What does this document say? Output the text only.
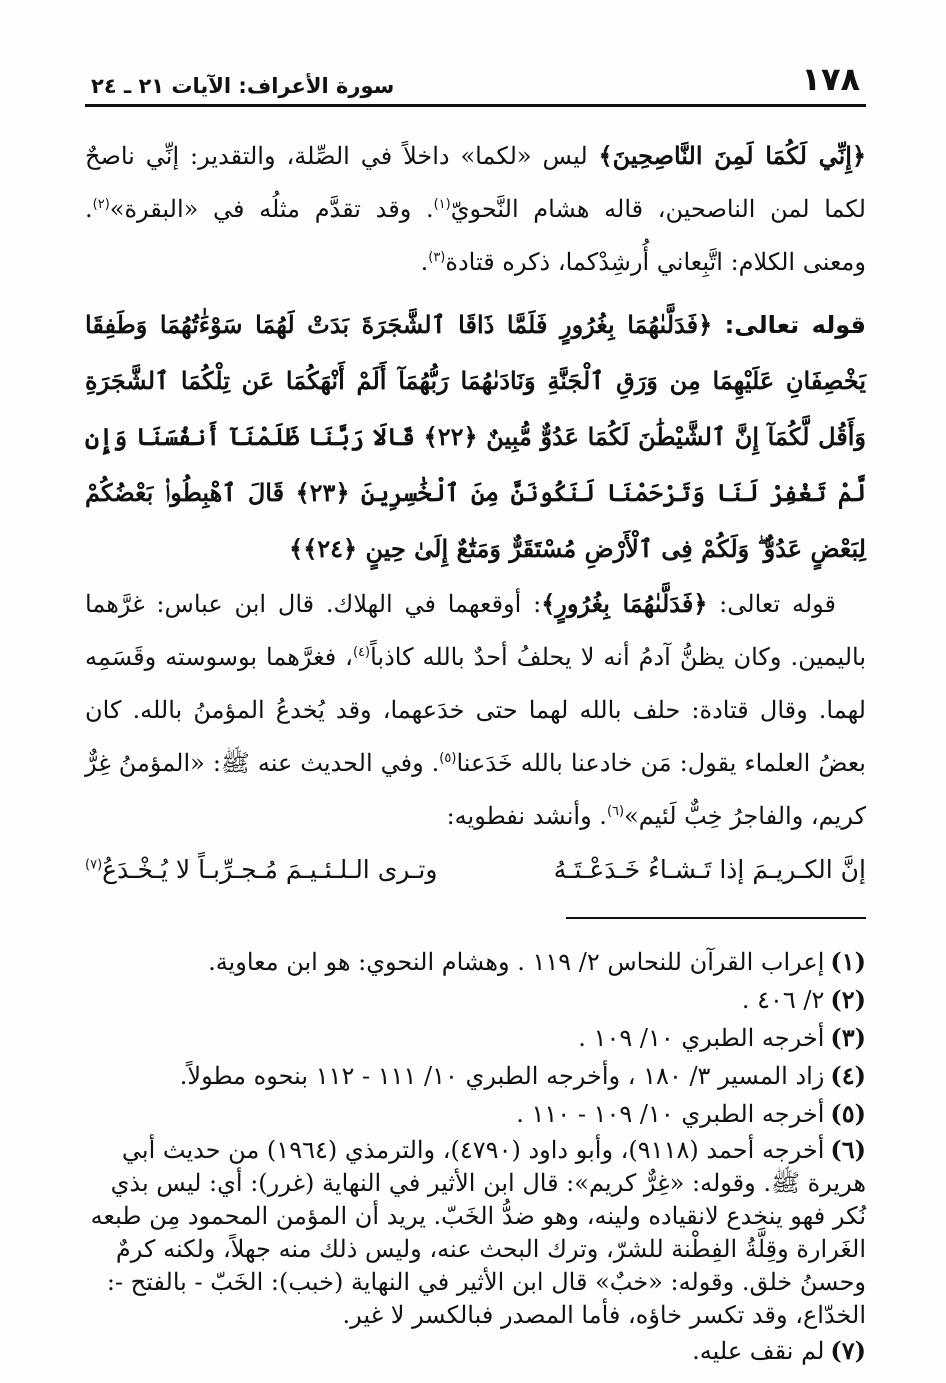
١٧٨
سورة الأعراف: الآيات ٢١ ـ ٢٤

﴿إِنِّي لَكُمَا لَمِنَ النَّاصِحِينَ﴾ ليس «لكما» داخلاً في الصِّلة، والتقدير: إنِّي ناصحٌ لكما لمن الناصحين، قاله هشام النَّحويّ$^{(١)}$. وقد تقدَّم مثلُه في «البقرة»$^{(٢)}$. ومعنى الكلام: اتَّبِعاني أُرشِدْكما، ذكره قتادة$^{(٣)}$.

قوله تعالى: ﴿فَدَلَّىٰهُمَا بِغُرُورٍ فَلَمَّا ذَاقَا ٱلشَّجَرَةَ بَدَتْ لَهُمَا سَوْءَٰتُهُمَا وَطَفِقَا يَخْصِفَانِ عَلَيْهِمَا مِن وَرَقِ ٱلْجَنَّةِ وَنَادَىٰهُمَا رَبُّهُمَآ أَلَمْ أَنْهَكُمَا عَن تِلْكُمَا ٱلشَّجَرَةِ وَأَقُل لَّكُمَآ إِنَّ ٱلشَّيْطَٰنَ لَكُمَا عَدُوٌّ مُّبِينٌ ﴿٢٢﴾ قَالَا رَبَّنَا ظَلَمْنَآ أَنفُسَنَا وَإِن لَّمْ تَغْفِرْ لَنَا وَتَرْحَمْنَا لَنَكُونَنَّ مِنَ ٱلْخَٰسِرِينَ ﴿٢٣﴾ قَالَ ٱهْبِطُوا۟ بَعْضُكُمْ لِبَعْضٍ عَدُوٌّ ۖ وَلَكُمْ فِى ٱلْأَرْضِ مُسْتَقَرٌّ وَمَتَٰعٌ إِلَىٰ حِينٍ ﴿٢٤﴾﴾

قوله تعالى: ﴿فَدَلَّىٰهُمَا بِغُرُورٍ﴾: أوقعهما في الهلاك. قال ابن عباس: غرَّهما باليمين. وكان يظنُّ آدمُ أنه لا يحلفُ أحدٌ بالله كاذباً$^{(٤)}$، فغرَّهما بوسوسته وقَسَمِه لهما. وقال قتادة: حلف بالله لهما حتى خدَعهما، وقد يُخدعُ المؤمنُ بالله. كان بعضُ العلماء يقول: مَن خادعنا بالله خَدَعنا$^{(٥)}$. وفي الحديث عنه ﷺ: «المؤمنُ غِرٌّ كريم، والفاجرُ خِبٌّ لَئيم»$^{(٦)}$. وأنشد نفطويه:

إنَّ الكـريـمَ إذا تَـشـاءُ خَـدَعْـتَـهُ
وتـرى الـلـئـيـمَ مُـجـرِّبـاً لا يُـخْـدَعُ$^{(٧)}$

(١)إعراب القرآن للنحاس ٢/ ١١٩ . وهشام النحوي: هو ابن معاوية.

(٢)٢/ ٤٠٦ .

(٣)أخرجه الطبري ١٠/ ١٠٩ .

(٤)زاد المسير ٣/ ١٨٠ ، وأخرجه الطبري ١٠/ ١١١ - ١١٢ بنحوه مطولاً.

(٥)أخرجه الطبري ١٠/ ١٠٩ - ١١٠ .

(٦)أخرجه أحمد (٩١١٨)، وأبو داود (٤٧٩٠)، والترمذي (١٩٦٤) من حديث أبي هريرة ﷺ. وقوله: «غِرٌّ كريم»: قال ابن الأثير في النهاية (غرر): أي: ليس بذي نُكر فهو ينخدع لانقياده ولينه، وهو ضدُّ الخَبّ. يريد أن المؤمن المحمود مِن طبعه الغَرارة وقِلَّةُ الفِطْنة للشرّ، وترك البحث عنه، وليس ذلك منه جهلاً، ولكنه كرمٌ وحسنُ خلق. وقوله: «خبٌ» قال ابن الأثير في النهاية (خبب): الخَبّ - بالفتح -: الخدّاع، وقد تكسر خاؤه، فأما المصدر فبالكسر لا غير.

(٧)لم نقف عليه.
